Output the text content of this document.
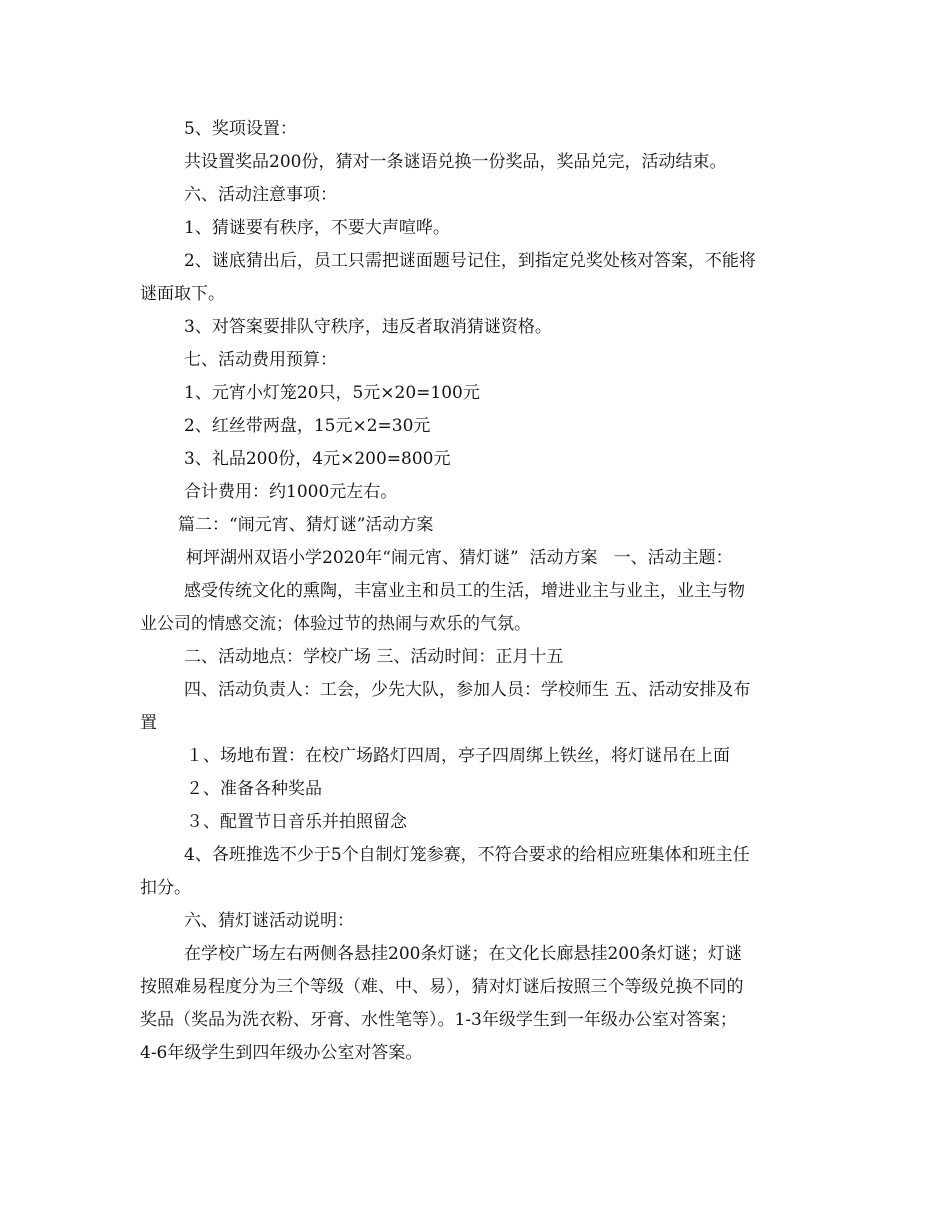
5、奖项设置：
共设置奖品200份，猜对一条谜语兑换一份奖品，奖品兑完，活动结束。
六、活动注意事项：
1、猜谜要有秩序，不要大声喧哗。
2、谜底猜出后，员工只需把谜面题号记住，到指定兑奖处核对答案，不能将
谜面取下。
3、对答案要排队守秩序，违反者取消猜谜资格。
七、活动费用预算：
1、元宵小灯笼20只，5元×20=100元
2、红丝带两盘，15元×2=30元
3、礼品200份，4元×200=800元
合计费用：约1000元左右。
篇二：“闹元宵、猜灯谜”活动方案
柯坪湖州双语小学2020年“闹元宵、猜灯谜”  活动方案   一、活动主题：
感受传统文化的熏陶，丰富业主和员工的生活，增进业主与业主，业主与物
业公司的情感交流；体验过节的热闹与欢乐的气氛。
二、活动地点：学校广场 三、活动时间：正月十五
四、活动负责人：工会，少先大队，参加人员：学校师生 五、活动安排及布
置
１、场地布置：在校广场路灯四周，亭子四周绑上铁丝，将灯谜吊在上面
２、准备各种奖品
３、配置节日音乐并拍照留念
4、各班推选不少于5个自制灯笼参赛，不符合要求的给相应班集体和班主任
扣分。
六、猜灯谜活动说明：
在学校广场左右两侧各悬挂200条灯谜；在文化长廊悬挂200条灯谜；灯谜
按照难易程度分为三个等级（难、中、易），猜对灯谜后按照三个等级兑换不同的
奖品（奖品为洗衣粉、牙膏、水性笔等）。1-3年级学生到一年级办公室对答案；
4-6年级学生到四年级办公室对答案。
